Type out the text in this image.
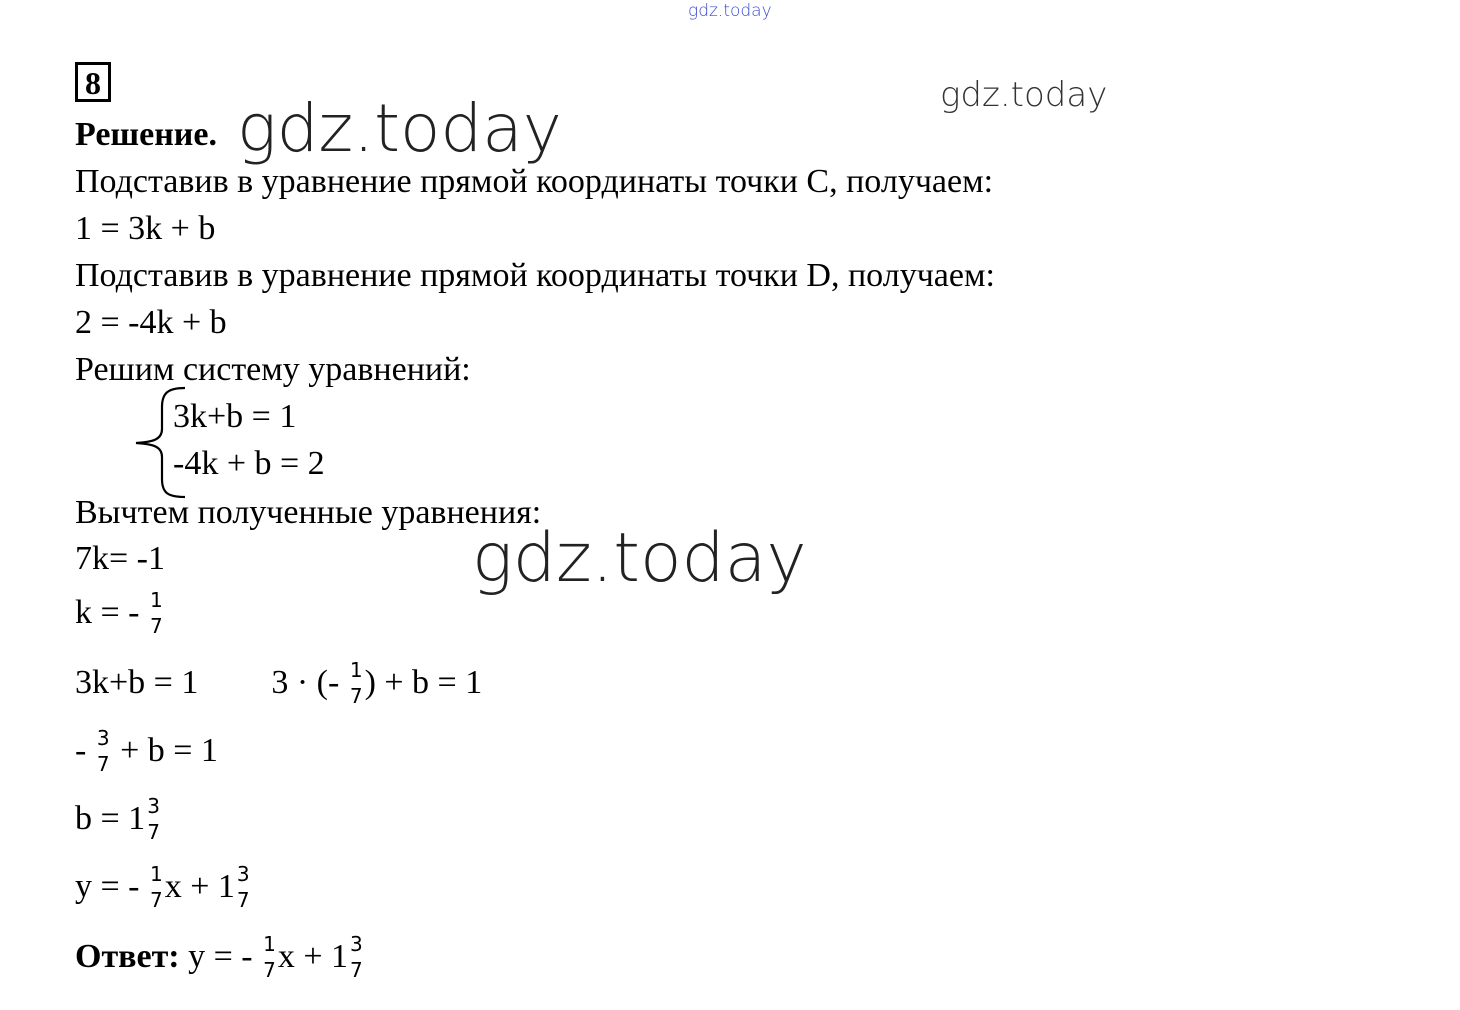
gdz.today
gdz.today
gdz.today
gdz.today
8
Решение.
Подставив в уравнение прямой координаты точки С, получаем:
1 = 3k + b
Подставив в уравнение прямой координаты точки D, получаем:
2 = -4k + b
Решим систему уравнений:
3k+b = 1
-4k + b = 2
Вычтем полученные уравнения:
7k= -1
k = - 1
7
3k+b = 1 3 · (- 1
7 ) + b = 1
- 3
7 + b = 1
b = 1 3
7
y = - 1
7 x + 1 3
7
Ответ: y = - 1
7 x + 1 3
7
